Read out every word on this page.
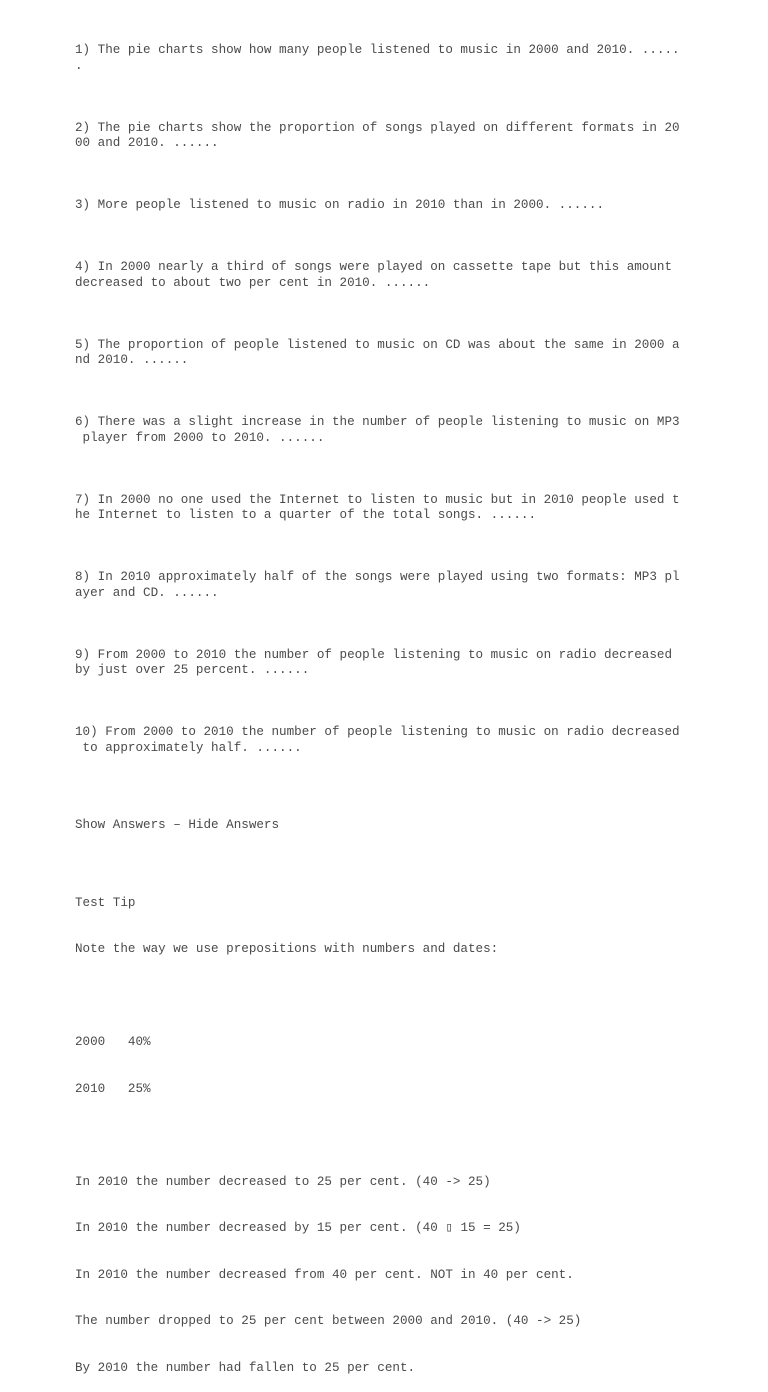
1) The pie charts show how many people listened to music in 2000 and 2010. .....
.

2) The pie charts show the proportion of songs played on different formats in 20
00 and 2010. ......

3) More people listened to music on radio in 2010 than in 2000. ......

4) In 2000 nearly a third of songs were played on cassette tape but this amount
decreased to about two per cent in 2010. ......

5) The proportion of people listened to music on CD was about the same in 2000 a
nd 2010. ......

6) There was a slight increase in the number of people listening to music on MP3
player from 2000 to 2010. ......

7) In 2000 no one used the Internet to listen to music but in 2010 people used t
he Internet to listen to a quarter of the total songs. ......

8) In 2010 approximately half of the songs were played using two formats: MP3 pl
ayer and CD. ......

9) From 2000 to 2010 the number of people listening to music on radio decreased
by just over 25 percent. ......

10) From 2000 to 2010 the number of people listening to music on radio decreased
to approximately half. ......

Show Answers – Hide Answers

Test Tip

Note the way we use prepositions with numbers and dates:

2000   40%

2010   25%

In 2010 the number decreased to 25 per cent. (40 -> 25)

In 2010 the number decreased by 15 per cent. (40 ▯ 15 = 25)

In 2010 the number decreased from 40 per cent. NOT in 40 per cent.

The number dropped to 25 per cent between 2000 and 2010. (40 -> 25)

By 2010 the number had fallen to 25 per cent.
